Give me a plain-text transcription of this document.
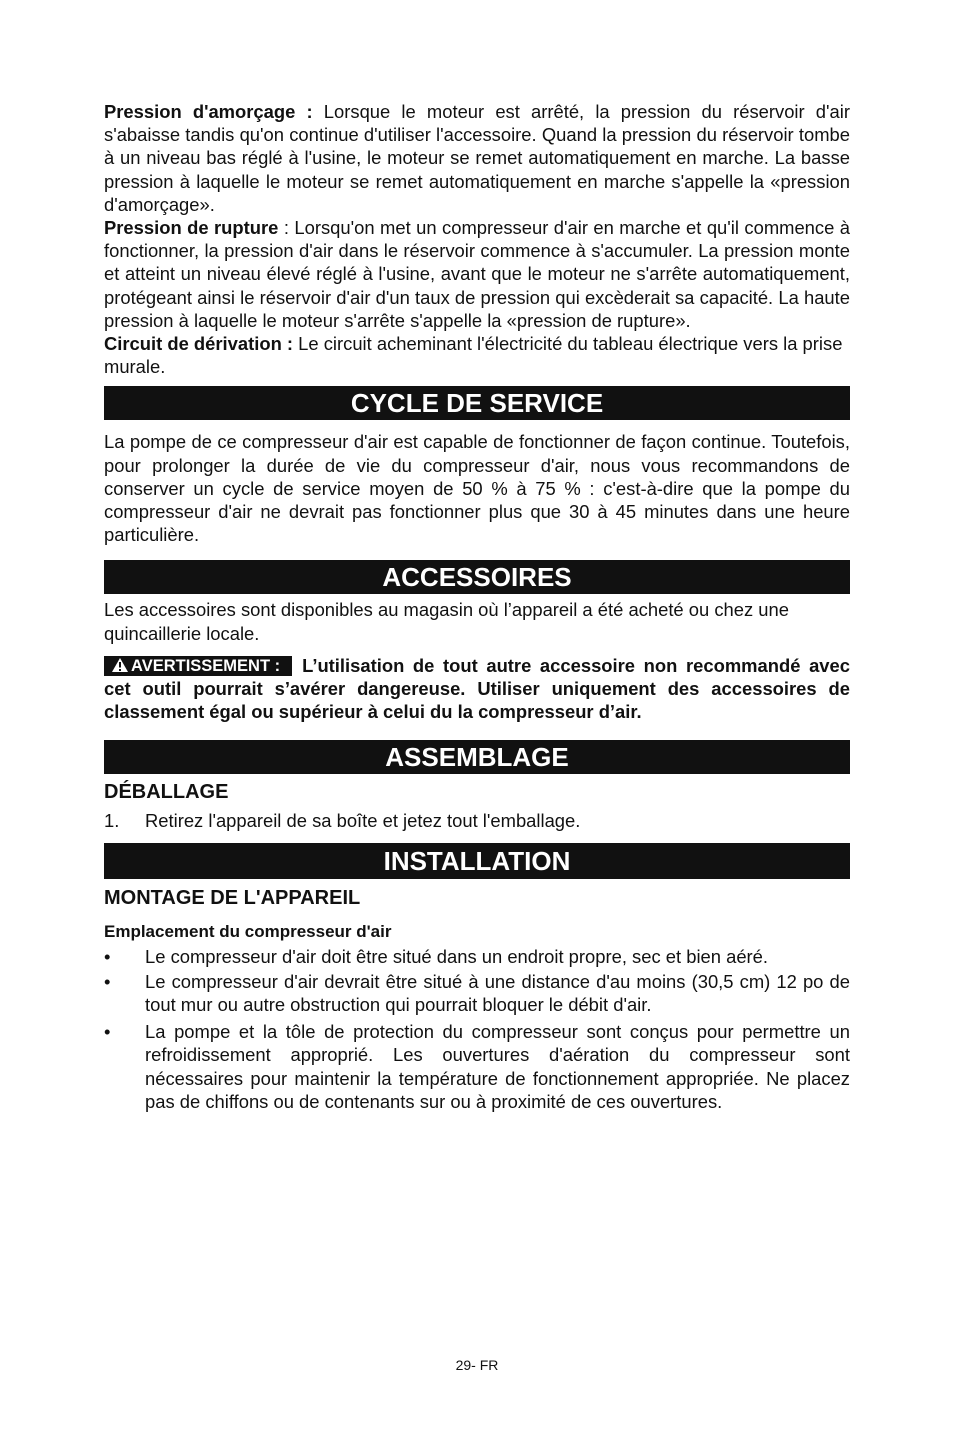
Pression d'amorçage : Lorsque le moteur est arrêté, la pression du réservoir d'air s'abaisse tandis qu'on continue d'utiliser l'accessoire. Quand la pression du réservoir tombe à un niveau bas réglé à l'usine, le moteur se remet automatiquement en marche. La basse pression à laquelle le moteur se remet automatiquement en marche s'appelle la «pression d'amorçage».

Pression de rupture : Lorsqu'on met un compresseur d'air en marche et qu'il commence à fonctionner, la pression d'air dans le réservoir commence à s'accumuler. La pression monte et atteint un niveau élevé réglé à l'usine, avant que le moteur ne s'arrête automatiquement, protégeant ainsi le réservoir d'air d'un taux de pression qui excèderait sa capacité. La haute pression à laquelle le moteur s'arrête s'appelle la «pression de rupture».

Circuit de dérivation : Le circuit acheminant l'électricité du tableau électrique vers la prise murale.

CYCLE DE SERVICE

La pompe de ce compresseur d'air est capable de fonctionner de façon continue. Toutefois, pour prolonger la durée de vie du compresseur d'air, nous vous recommandons de conserver un cycle de service moyen de 50 % à 75 % : c'est-à-dire que la pompe du compresseur d'air ne devrait pas fonctionner plus que 30 à 45 minutes dans une heure particulière.

ACCESSOIRES

Les accessoires sont disponibles au magasin où l’appareil a été acheté ou chez une quincaillerie locale.

AVERTISSEMENT : L’utilisation de tout autre accessoire non recommandé avec cet outil pourrait s’avérer dangereuse. Utiliser uniquement des accessoires de classement égal ou supérieur à celui du la compresseur d’air.

ASSEMBLAGE
DÉBALLAGE
1. Retirez l'appareil de sa boîte et jetez tout l'emballage.
INSTALLATION
MONTAGE DE L'APPAREIL
Emplacement du compresseur d'air
• Le compresseur d'air doit être situé dans un endroit propre, sec et bien aéré.
• Le compresseur d'air devrait être situé à une distance d'au moins (30,5 cm) 12 po de tout mur ou autre obstruction qui pourrait bloquer le débit d'air.
• La pompe et la tôle de protection du compresseur sont conçus pour permettre un refroidissement approprié. Les ouvertures d'aération du compresseur sont nécessaires pour maintenir la température de fonctionnement appropriée. Ne placez pas de chiffons ou de contenants sur ou à proximité de ces ouvertures.
29- FR
